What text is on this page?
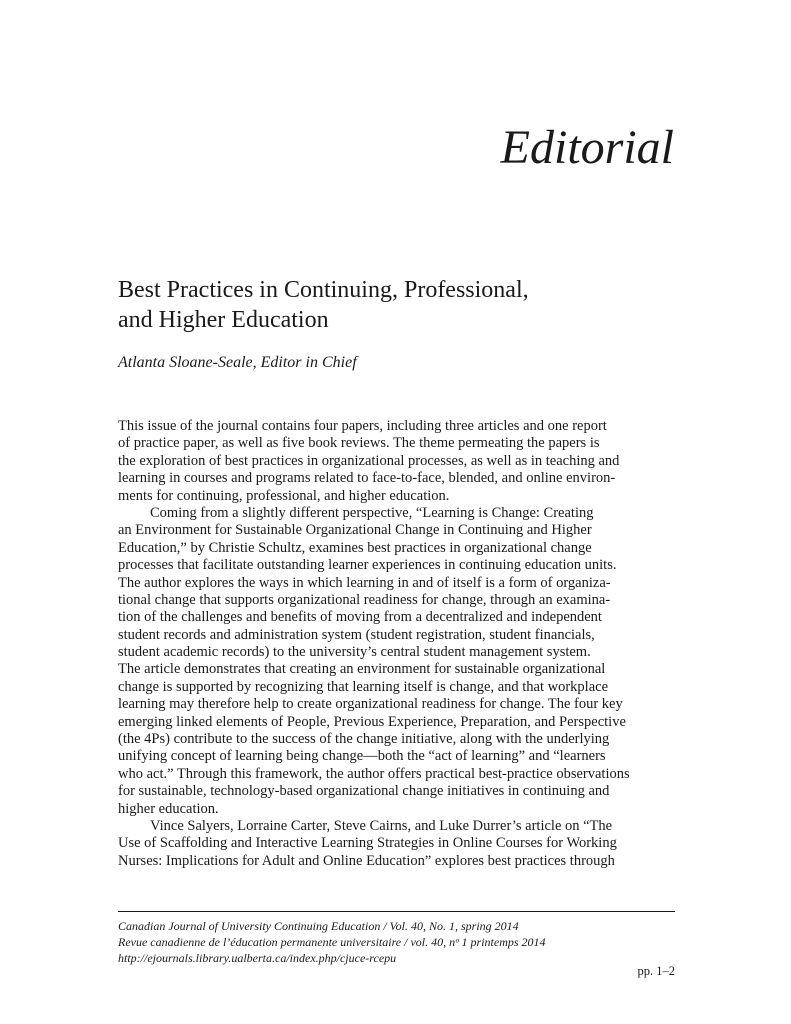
Editorial
Best Practices in Continuing, Professional,
and Higher Education

Atlanta Sloane-Seale, Editor in Chief

This issue of the journal contains four papers, including three articles and one report
of practice paper, as well as five book reviews. The theme permeating the papers is
the exploration of best practices in organizational processes, as well as in teaching and
learning in courses and programs related to face-to-face, blended, and online environ-
ments for continuing, professional, and higher education.
Coming from a slightly different perspective, “Learning is Change: Creating
an Environment for Sustainable Organizational Change in Continuing and Higher
Education,” by Christie Schultz, examines best practices in organizational change
processes that facilitate outstanding learner experiences in continuing education units.
The author explores the ways in which learning in and of itself is a form of organiza-
tional change that supports organizational readiness for change, through an examina-
tion of the challenges and benefits of moving from a decentralized and independent
student records and administration system (student registration, student financials,
student academic records) to the university’s central student management system.
The article demonstrates that creating an environment for sustainable organizational
change is supported by recognizing that learning itself is change, and that workplace
learning may therefore help to create organizational readiness for change. The four key
emerging linked elements of People, Previous Experience, Preparation, and Perspective
(the 4Ps) contribute to the success of the change initiative, along with the underlying
unifying concept of learning being change—both the “act of learning” and “learners
who act.” Through this framework, the author offers practical best-practice observations
for sustainable, technology-based organizational change initiatives in continuing and
higher education.
Vince Salyers, Lorraine Carter, Steve Cairns, and Luke Durrer’s article on “The
Use of Scaffolding and Interactive Learning Strategies in Online Courses for Working
Nurses: Implications for Adult and Online Education” explores best practices through
Canadian Journal of University Continuing Education / Vol. 40, No. 1, spring 2014
Revue canadienne de l’éducation permanente universitaire / vol. 40, nᵒ 1 printemps 2014
http://ejournals.library.ualberta.ca/index.php/cjuce-rcepu

pp. 1–2
